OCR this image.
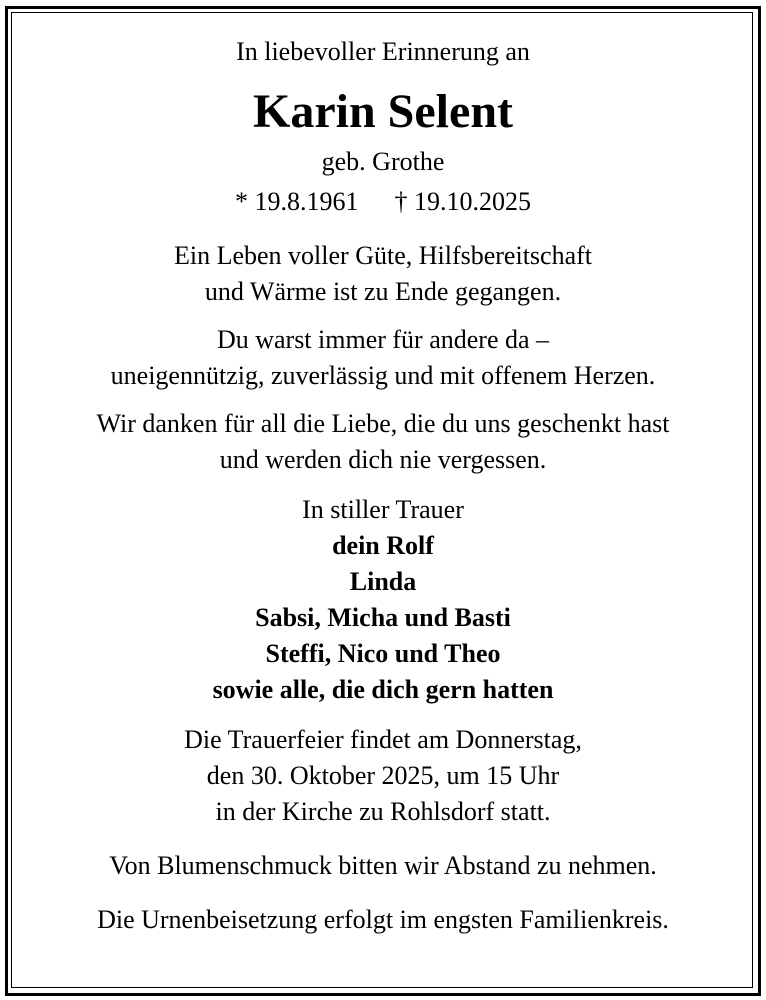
In liebevoller Erinnerung an
Karin Selent
geb. Grothe
* 19.8.1961 † 19.10.2025
Ein Leben voller Güte, Hilfsbereitschaft
und Wärme ist zu Ende gegangen.
Du warst immer für andere da –
uneigennützig, zuverlässig und mit offenem Herzen.
Wir danken für all die Liebe, die du uns geschenkt hast
und werden dich nie vergessen.
In stiller Trauer
dein Rolf
Linda
Sabsi, Micha und Basti
Steffi, Nico und Theo
sowie alle, die dich gern hatten
Die Trauerfeier findet am Donnerstag,
den 30. Oktober 2025, um 15 Uhr
in der Kirche zu Rohlsdorf statt.
Von Blumenschmuck bitten wir Abstand zu nehmen.
Die Urnenbeisetzung erfolgt im engsten Familienkreis.
